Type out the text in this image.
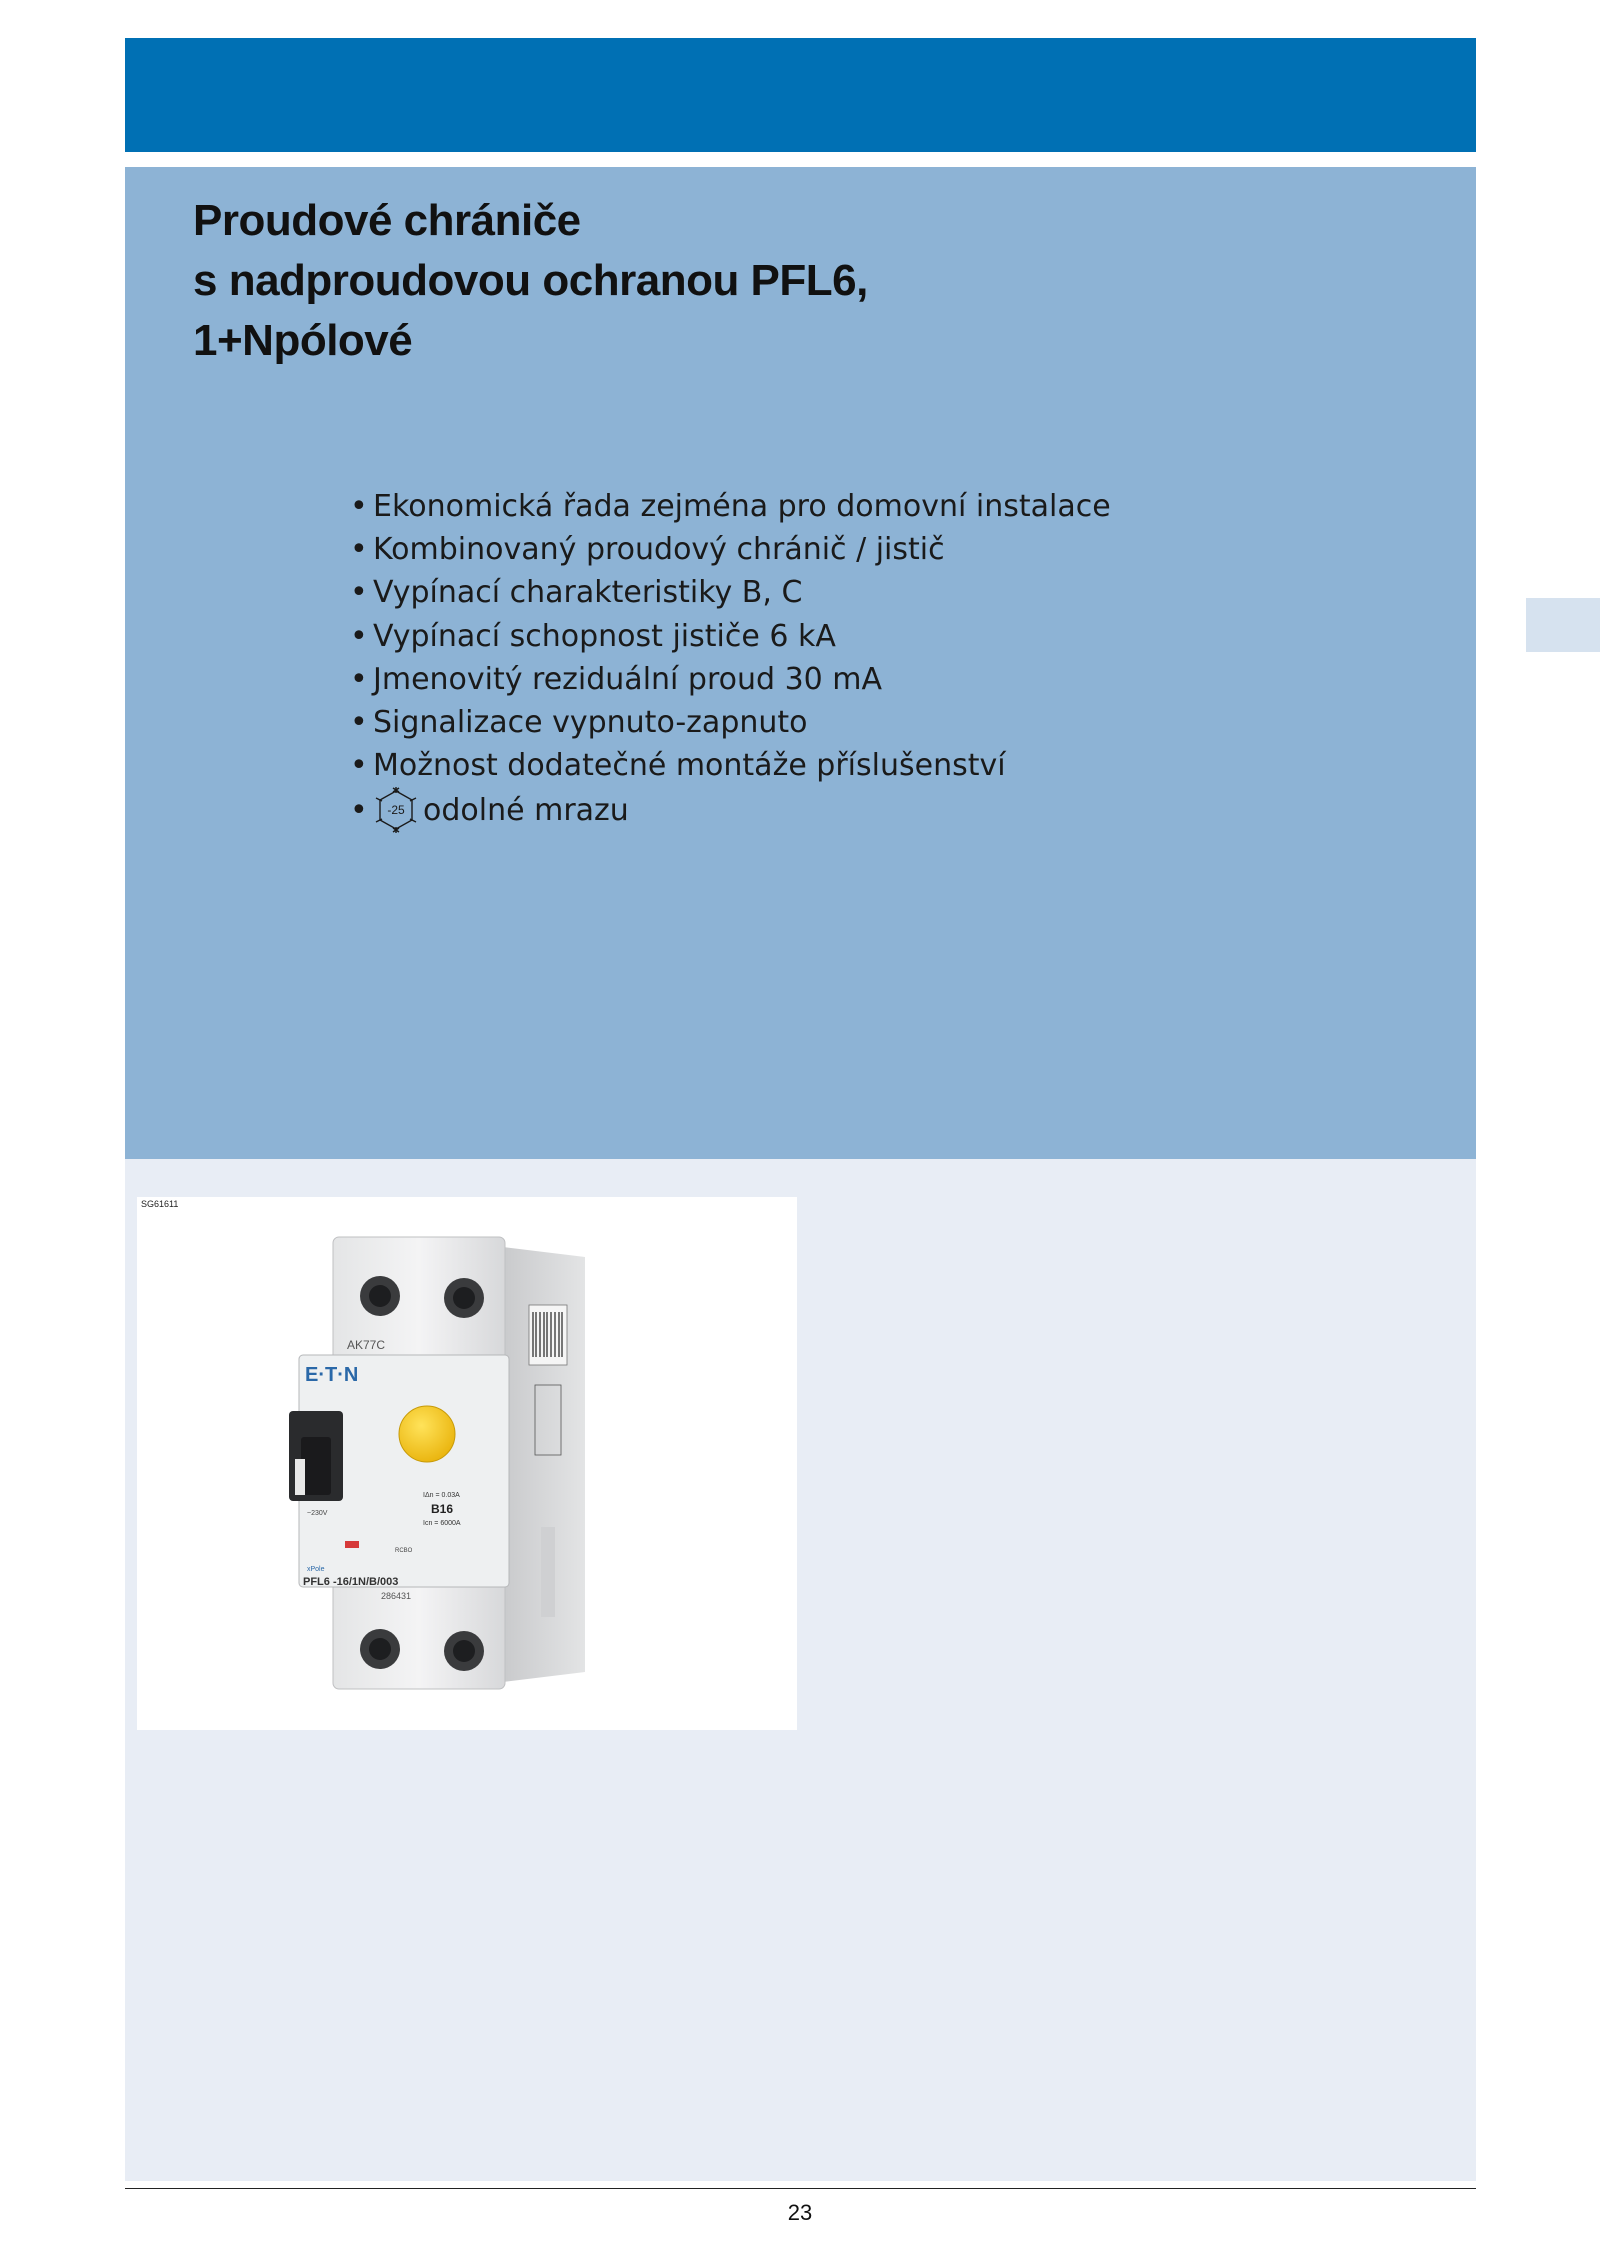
Proudové chrániče
s nadproudovou ochranou PFL6,
1+Npólové
• Ekonomická řada zejména pro domovní instalace
• Kombinovaný proudový chránič / jistič
• Vypínací charakteristiky B, C
• Vypínací schopnost jističe 6 kA
• Jmenovitý reziduální proud 30 mA
• Signalizace vypnuto-zapnuto
• Možnost dodatečné montáže příslušenství
•	-25 odolné mrazu
SG61611
AK77C
E·T·N
IΔn = 0.03A
B16
Icn = 6000A
~230V
RCBO
xPole
PFL6 -16/1N/B/003
286431
23
